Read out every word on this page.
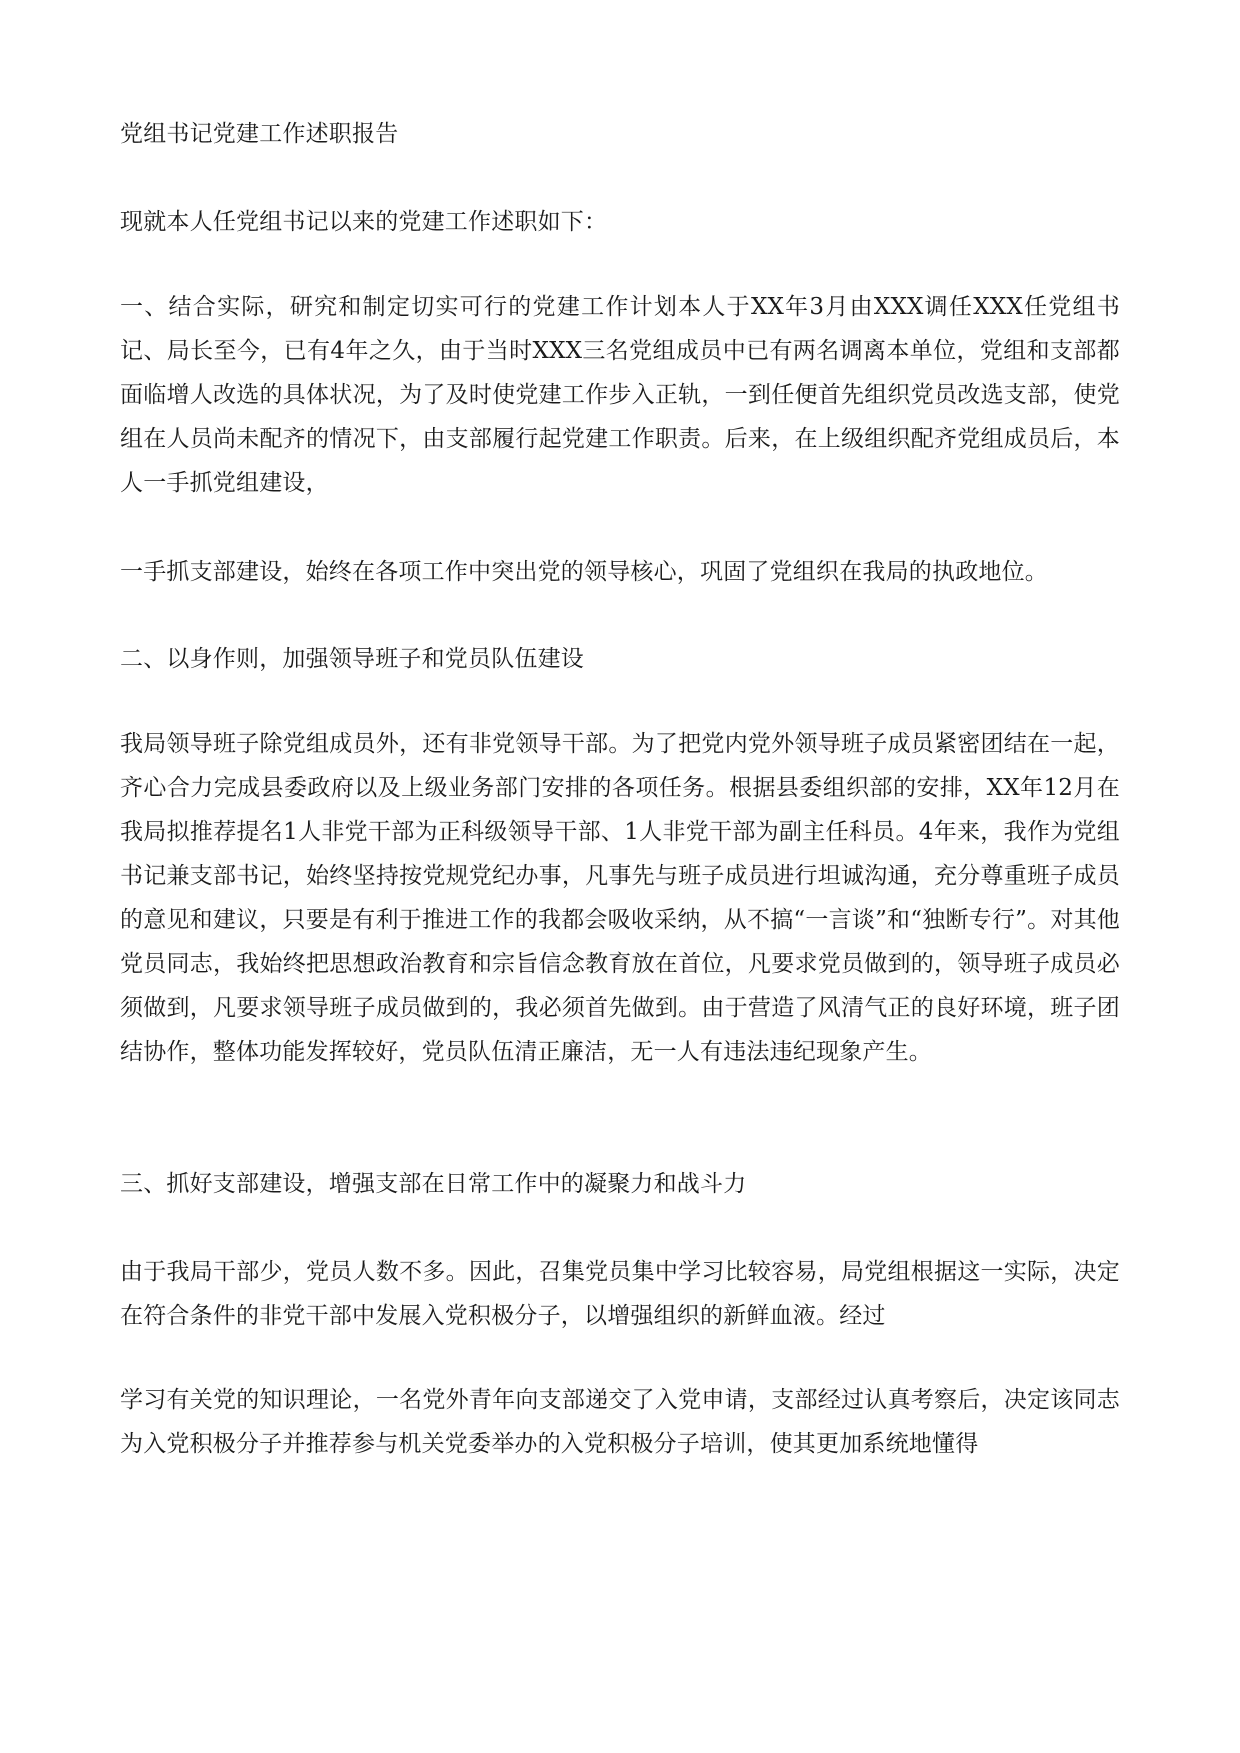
党组书记党建工作述职报告

现就本人任党组书记以来的党建工作述职如下：

一、结合实际，研究和制定切实可行的党建工作计划本人于XX年3月由XXX调任XXX任党组书记、局长至今，已有4年之久，由于当时XXX三名党组成员中已有两名调离本单位，党组和支部都面临增人改选的具体状况，为了及时使党建工作步入正轨，一到任便首先组织党员改选支部，使党组在人员尚未配齐的情况下，由支部履行起党建工作职责。后来，在上级组织配齐党组成员后，本人一手抓党组建设，

一手抓支部建设，始终在各项工作中突出党的领导核心，巩固了党组织在我局的执政地位。

二、以身作则，加强领导班子和党员队伍建设

我局领导班子除党组成员外，还有非党领导干部。为了把党内党外领导班子成员紧密团结在一起，齐心合力完成县委政府以及上级业务部门安排的各项任务。根据县委组织部的安排，XX年12月在我局拟推荐提名1人非党干部为正科级领导干部、1人非党干部为副主任科员。4年来，我作为党组书记兼支部书记，始终坚持按党规党纪办事，凡事先与班子成员进行坦诚沟通，充分尊重班子成员的意见和建议，只要是有利于推进工作的我都会吸收采纳，从不搞“一言谈”和“独断专行”。对其他党员同志，我始终把思想政治教育和宗旨信念教育放在首位，凡要求党员做到的，领导班子成员必须做到，凡要求领导班子成员做到的，我必须首先做到。由于营造了风清气正的良好环境，班子团结协作，整体功能发挥较好，党员队伍清正廉洁，无一人有违法违纪现象产生。

三、抓好支部建设，增强支部在日常工作中的凝聚力和战斗力

由于我局干部少，党员人数不多。因此，召集党员集中学习比较容易，局党组根据这一实际，决定在符合条件的非党干部中发展入党积极分子，以增强组织的新鲜血液。经过

学习有关党的知识理论，一名党外青年向支部递交了入党申请，支部经过认真考察后，决定该同志为入党积极分子并推荐参与机关党委举办的入党积极分子培训，使其更加系统地懂得
